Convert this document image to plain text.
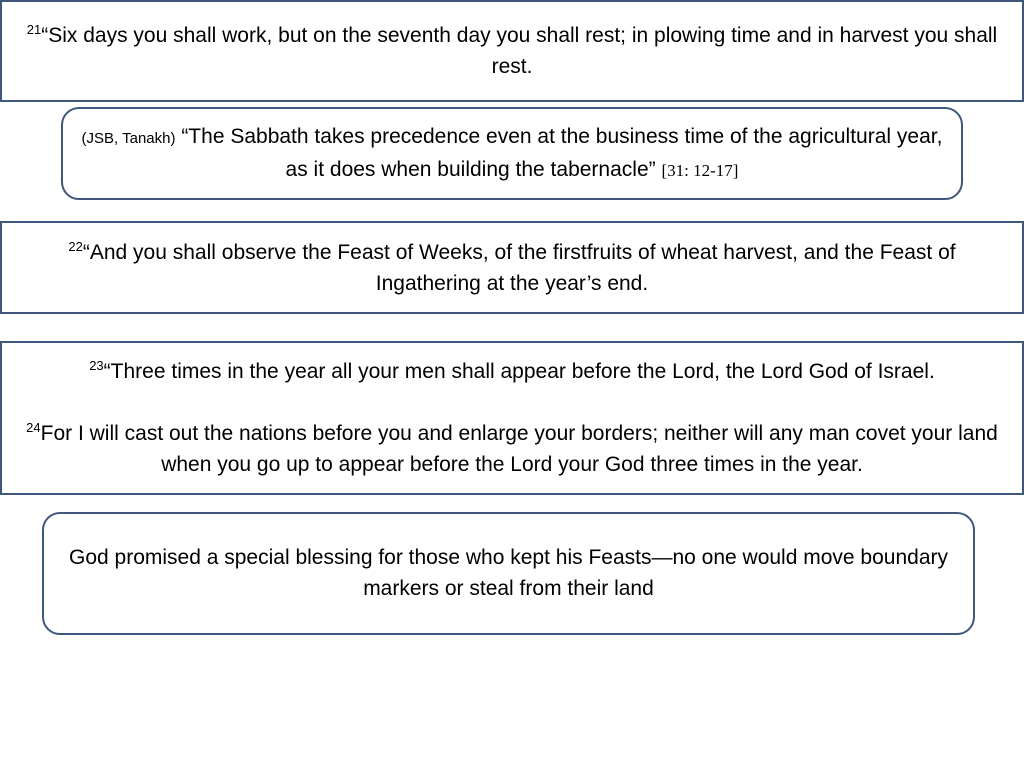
$^{21}$“Six days you shall work, but on the seventh day you shall rest; in plowing time and in harvest you shall rest.

(JSB, Tanakh) “The Sabbath takes precedence even at the business time of the agricultural year, as it does when building the tabernacle” [31: 12-17]

$^{22}$“And you shall observe the Feast of Weeks, of the firstfruits of wheat harvest, and the Feast of Ingathering at the year’s end.

$^{23}$“Three times in the year all your men shall appear before the Lord, the Lord God of Israel.

$^{24}$For I will cast out the nations before you and enlarge your borders; neither will any man covet your land when you go up to appear before the Lord your God three times in the year.

God promised a special blessing for those who kept his Feasts—no one would move boundary markers or steal from their land
